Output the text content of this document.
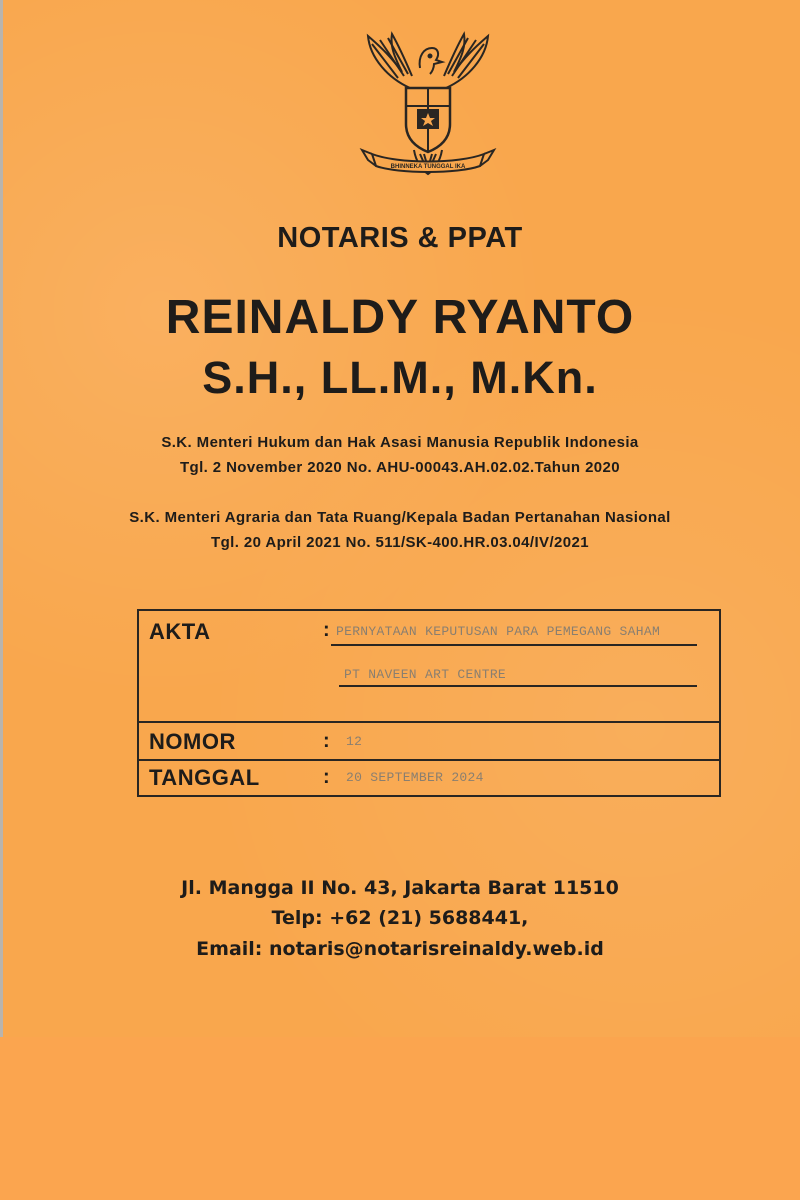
BHINNEKA TUNGGAL IKA
NOTARIS & PPAT
REINALDY RYANTO
S.H., LL.M., M.Kn.
S.K. Menteri Hukum dan Hak Asasi Manusia Republik Indonesia
Tgl. 2 November 2020 No. AHU-00043.AH.02.02.Tahun 2020
S.K. Menteri Agraria dan Tata Ruang/Kepala Badan Pertanahan Nasional
Tgl. 20 April 2021 No. 511/SK-400.HR.03.04/IV/2021
AKTA	: PERNYATAAN KEPUTUSAN PARA PEMEGANG SAHAM
PT NAVEEN ART CENTRE
NOMOR	: 12
TANGGAL	: 20 SEPTEMBER 2024
Jl. Mangga II No. 43, Jakarta Barat 11510
Telp: +62 (21) 5688441,
Email: notaris@notarisreinaldy.web.id
